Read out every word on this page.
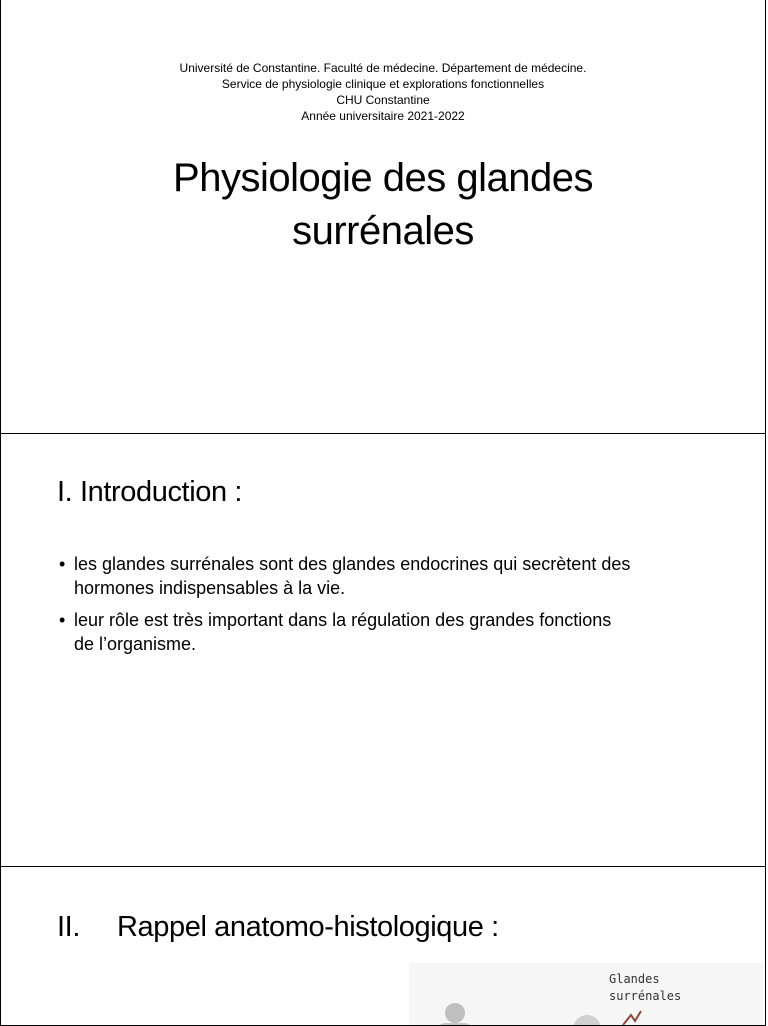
Université de Constantine. Faculté de médecine. Département de médecine.
Service de physiologie clinique et explorations fonctionnelles
CHU Constantine
Année universitaire 2021-2022
Physiologie des glandes
surrénales
I. Introduction :
• les glandes surrénales sont des glandes endocrines qui secrètent des
hormones indispensables à la vie.
• leur rôle est très important dans la régulation des grandes fonctions
de l’organisme.
II. Rappel anatomo-histologique :
Glandes
surrénales
